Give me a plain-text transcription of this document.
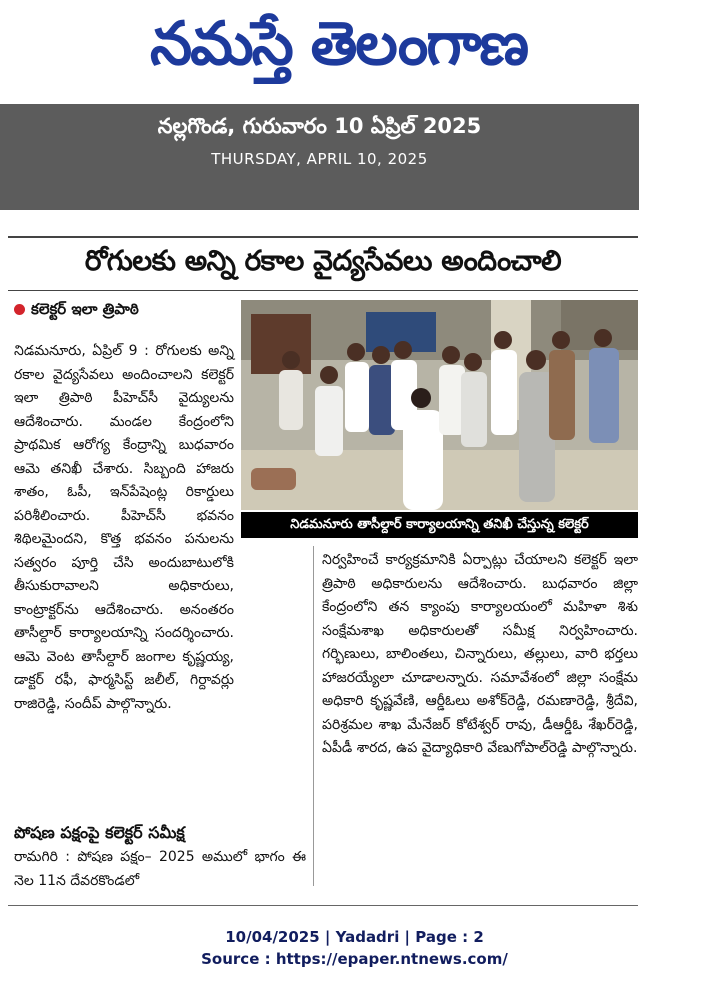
నమస్తే తెలంగాణ
నల్లగొండ, గురువారం 10 ఏప్రిల్ 2025
THURSDAY, APRIL 10, 2025
రోగులకు అన్ని రకాల వైద్యసేవలు అందించాలి
కలెక్టర్ ఇలా త్రిపాఠి
నిడమనూరు తాసీల్దార్ కార్యాలయాన్ని తనిఖీ చేస్తున్న కలెక్టర్

నిడమనూరు, ఏప్రిల్ 9 : రోగులకు అన్ని రకాల వైద్యసేవలు అందించాలని కలెక్టర్ ఇలా త్రిపాఠి పీహెచ్‌సీ వైద్యులను ఆదేశించారు. మండల కేంద్రంలోని ప్రాథమిక ఆరోగ్య కేంద్రాన్ని బుధవారం ఆమె తనిఖీ చేశారు. సిబ్బంది హాజరు శాతం, ఓపీ, ఇన్‌పేషెంట్ల రికార్డులు పరిశీలించారు. పీహెచ్‌సీ భవనం శిథిలమైందని, కొత్త భవనం పనులను సత్వరం పూర్తి చేసి అందుబాటులోకి తీసుకురావాలని అధికారులు, కాంట్రాక్టర్‌ను ఆదేశించారు. అనంతరం తాసీల్దార్ కార్యాలయాన్ని సందర్శించారు. ఆమె వెంట తాసీల్దార్ జంగాల కృష్ణయ్య, డాక్టర్ రఫీ, ఫార్మసిస్ట్ జలీల్, గిర్దావర్లు రాజిరెడ్డి, సందీప్ పాల్గొన్నారు.

పోషణ పక్షంపై కలెక్టర్ సమీక్ష

రామగిరి : పోషణ పక్షం– 2025 అములో భాగం ఈ నెల 11న దేవరకొండలో

నిర్వహించే కార్యక్రమానికి ఏర్పాట్లు చేయాలని కలెక్టర్ ఇలా త్రిపాఠి అధికారులను ఆదేశించారు. బుధవారం జిల్లా కేంద్రంలోని తన క్యాంపు కార్యాలయంలో మహిళా శిశు సంక్షేమశాఖ అధికారులతో సమీక్ష నిర్వహించారు. గర్భిణులు, బాలింతలు, చిన్నారులు, తల్లులు, వారి భర్తలు హాజరయ్యేలా చూడాలన్నారు. సమావేశంలో జిల్లా సంక్షేమ అధికారి కృష్ణవేణి, ఆర్డీఓలు అశోక్‌రెడ్డి, రమణారెడ్డి, శ్రీదేవి, పరిశ్రమల శాఖ మేనేజర్ కోటేశ్వర్ రావు, డీఆర్డీఓ శేఖర్‌రెడ్డి, ఏపీడీ శారద, ఉప వైద్యాధికారి వేణుగోపాల్‌రెడ్డి పాల్గొన్నారు.

10/04/2025 | Yadadri | Page : 2
Source : https://epaper.ntnews.com/
